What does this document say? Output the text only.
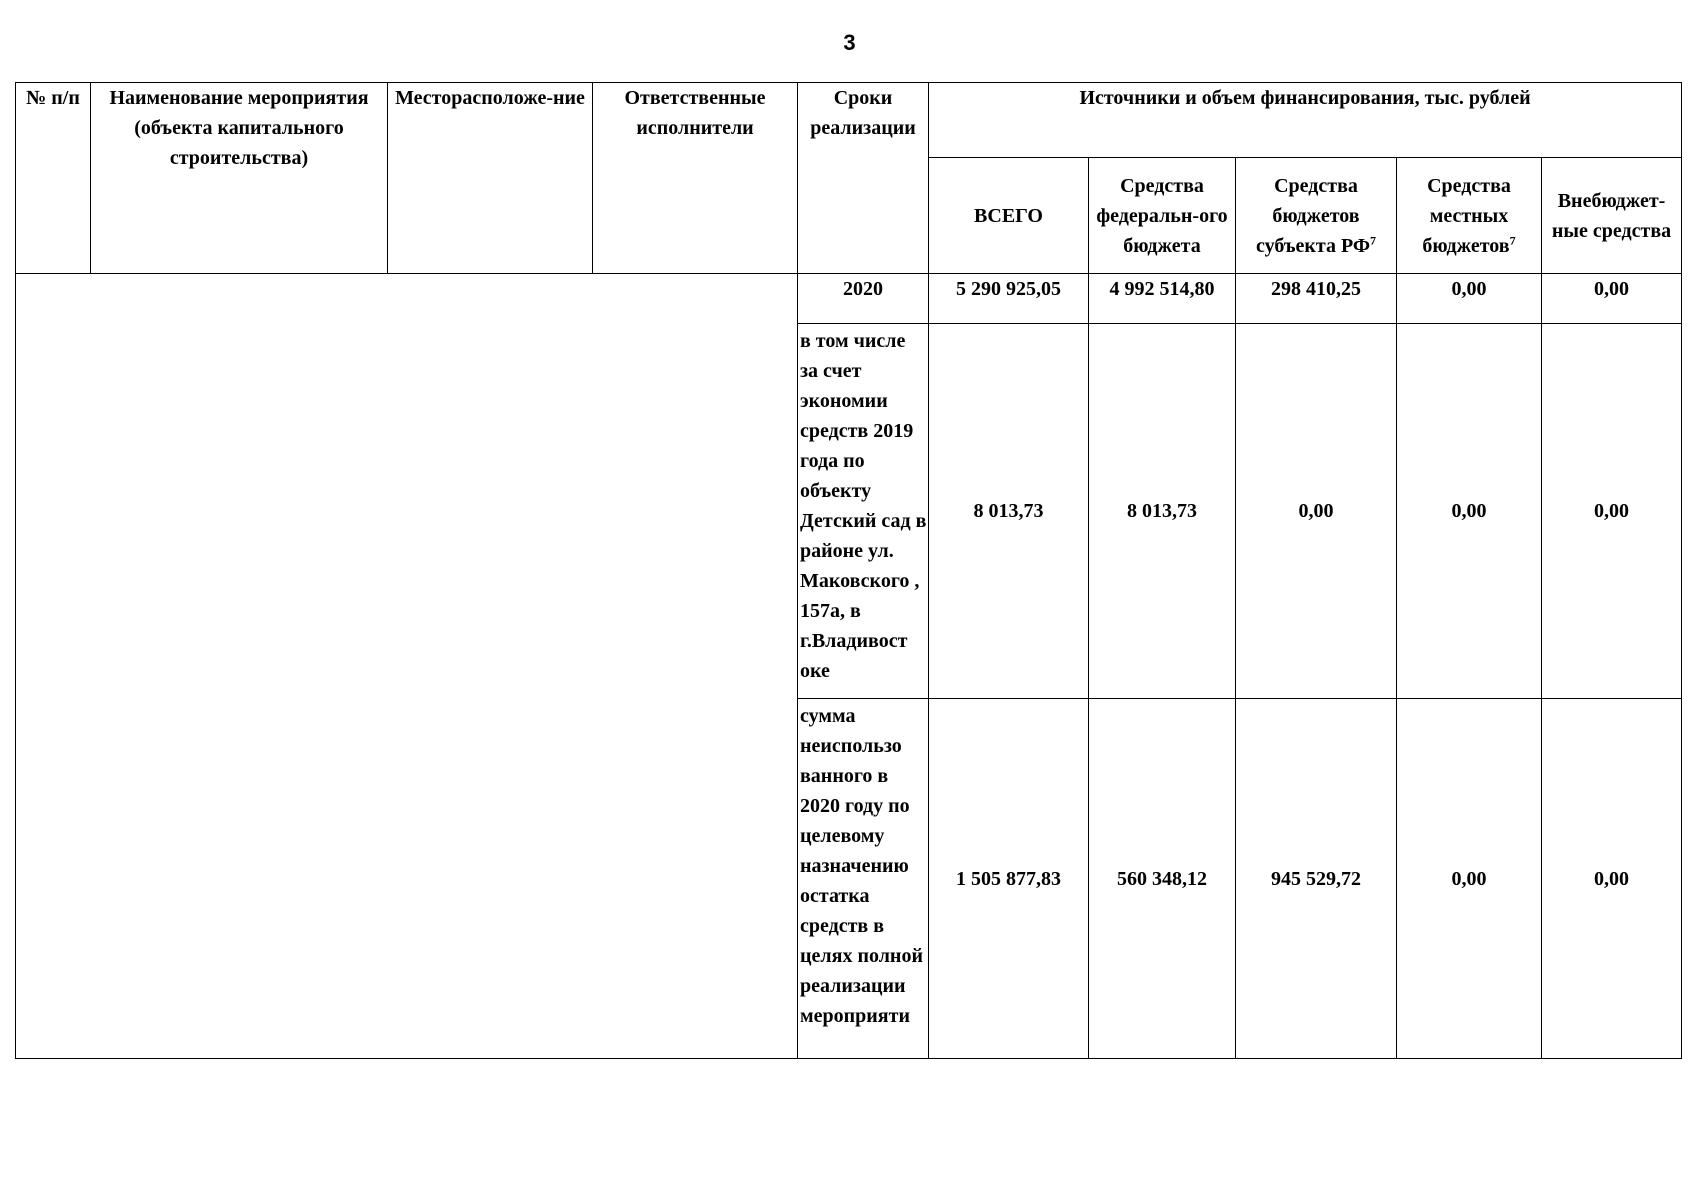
3
№ п/п	Наименование мероприятия (объекта капитального строительства)	Месторасположе-ние	Ответственные исполнители	Сроки реализации	Источники и объем финансирования, тыс. рублей				
					ВСЕГО	Средства федеральн-ого бюджета	Средства бюджетов субъекта $РФ^7$	Средства местных бюджетов$^7$	Внебюджет-ные средства
				2020	5 290 925,05	4 992 514,80	298 410,25	0,00	0,00

				в том числе за счет экономии средств 2019 года по объекту Детский сад в районе ул. Маковского , 157а, в г.Владивост оке	8 013,73	8 013,73	0,00	0,00	0,00

				сумма неиспользо ванного в 2020 году по целевому назначению остатка средств в целях полной реализации мероприяти	1 505 877,83	560 348,12	945 529,72	0,00	0,00
